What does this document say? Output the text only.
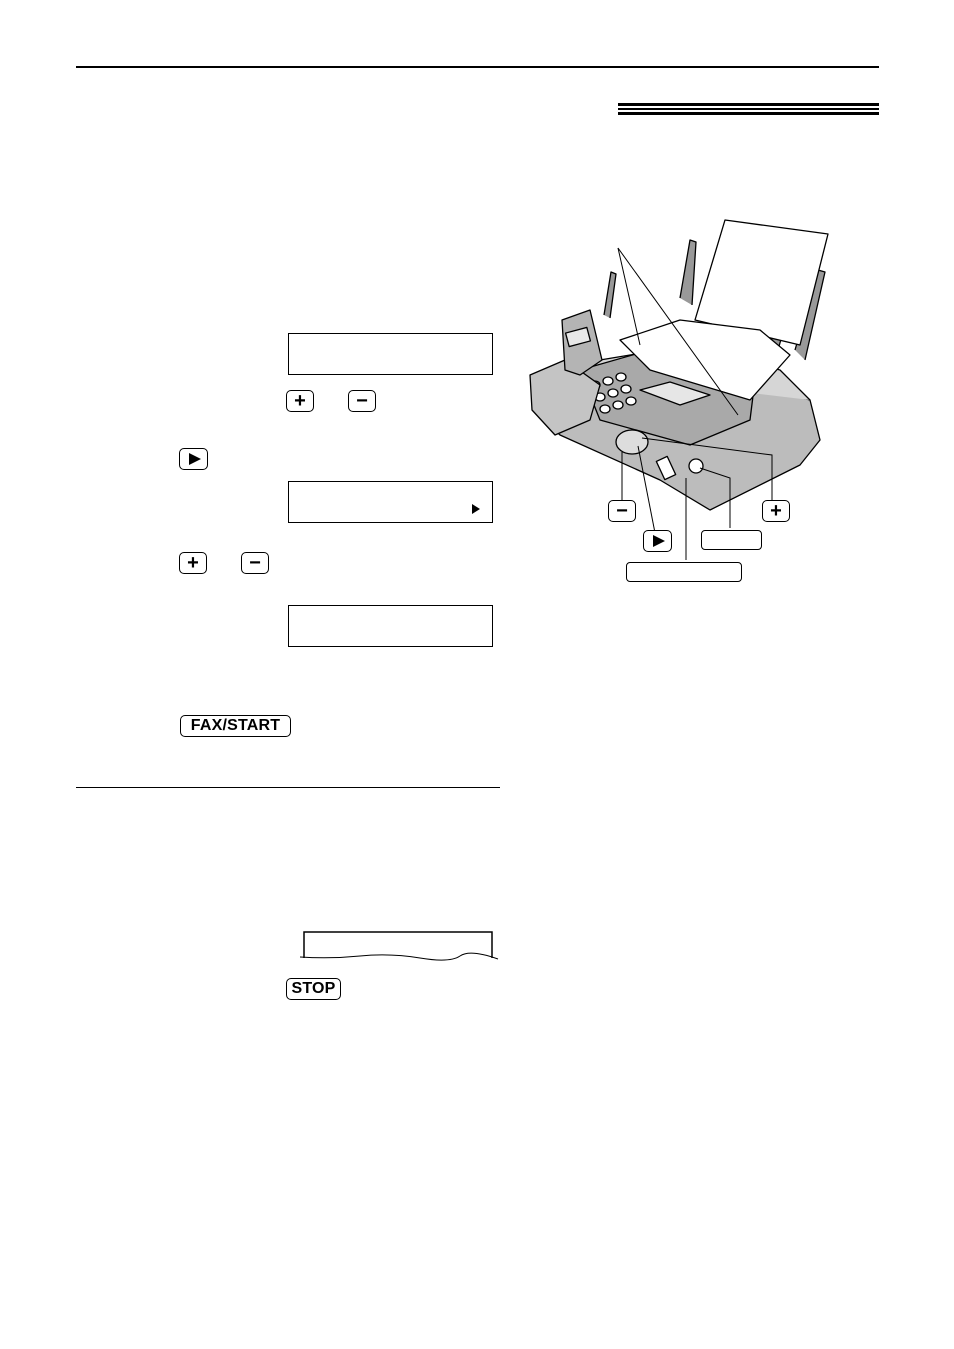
+	−
+	−
FAX/START
STOP
−	+
